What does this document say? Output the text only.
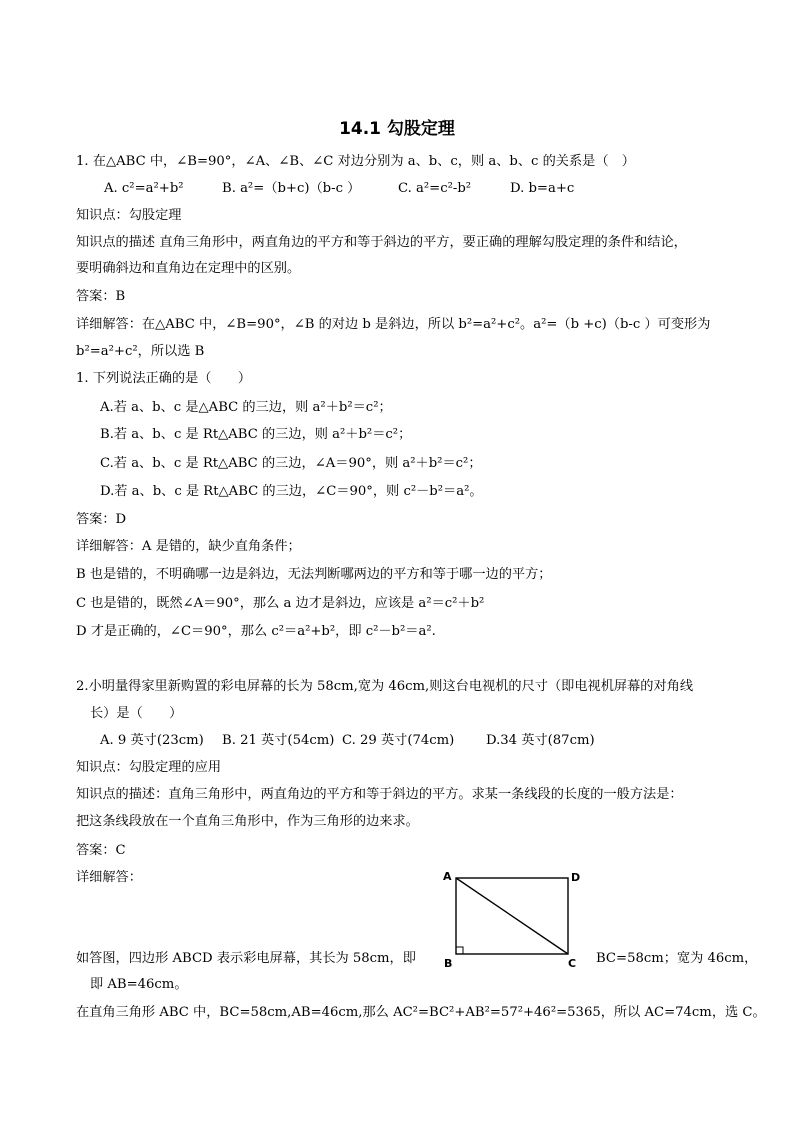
14.1 勾股定理
1. 在△ABC 中，∠B=90°，∠A、∠B、∠C 对边分别为 a、b、c，则 a、b、c 的关系是（　）
A. c²=a²+b²	B. a²=（b+c)（b-c ）	C. a²=c²-b²	D. b=a+c
知识点：勾股定理
知识点的描述 直角三角形中，两直角边的平方和等于斜边的平方，要正确的理解勾股定理的条件和结论，
要明确斜边和直角边在定理中的区别。
答案：B
详细解答：在△ABC 中，∠B=90°，∠B 的对边 b 是斜边，所以 b²=a²+c²。a²=（b +c)（b-c ）可变形为
b²=a²+c²，所以选 B
1. 下列说法正确的是（　　）
A.若 a、b、c 是△ABC 的三边，则 a²＋b²＝c²；
B.若 a、b、c 是 Rt△ABC 的三边，则 a²＋b²＝c²；
C.若 a、b、c 是 Rt△ABC 的三边，∠A＝90°，则 a²＋b²＝c²；
D.若 a、b、c 是 Rt△ABC 的三边，∠C＝90°，则 c²－b²＝a²。
答案：D
详细解答：A 是错的，缺少直角条件；
B 也是错的，不明确哪一边是斜边，无法判断哪两边的平方和等于哪一边的平方；
C 也是错的，既然∠A＝90°，那么 a 边才是斜边，应该是 a²＝c²＋b²
D 才是正确的，∠C＝90°，那么 c²＝a²+b²，即 c²－b²＝a².
2.小明量得家里新购置的彩电屏幕的长为 58cm,宽为 46cm,则这台电视机的尺寸（即电视机屏幕的对角线
长）是（　　）
A. 9 英寸(23cm) B. 21 英寸(54cm) C. 29 英寸(74cm) D.34 英寸(87cm)
知识点：勾股定理的应用
知识点的描述：直角三角形中，两直角边的平方和等于斜边的平方。求某一条线段的长度的一般方法是：
把这条线段放在一个直角三角形中，作为三角形的边来求。
答案：C
详细解答：	A	D
B	C
如答图，四边形 ABCD 表示彩电屏幕，其长为 58cm，即	BC=58cm；宽为 46cm，
即 AB=46cm。
在直角三角形 ABC 中，BC=58cm,AB=46cm,那么 AC²=BC²+AB²=57²+46²=5365，所以 AC=74cm，选 C。
